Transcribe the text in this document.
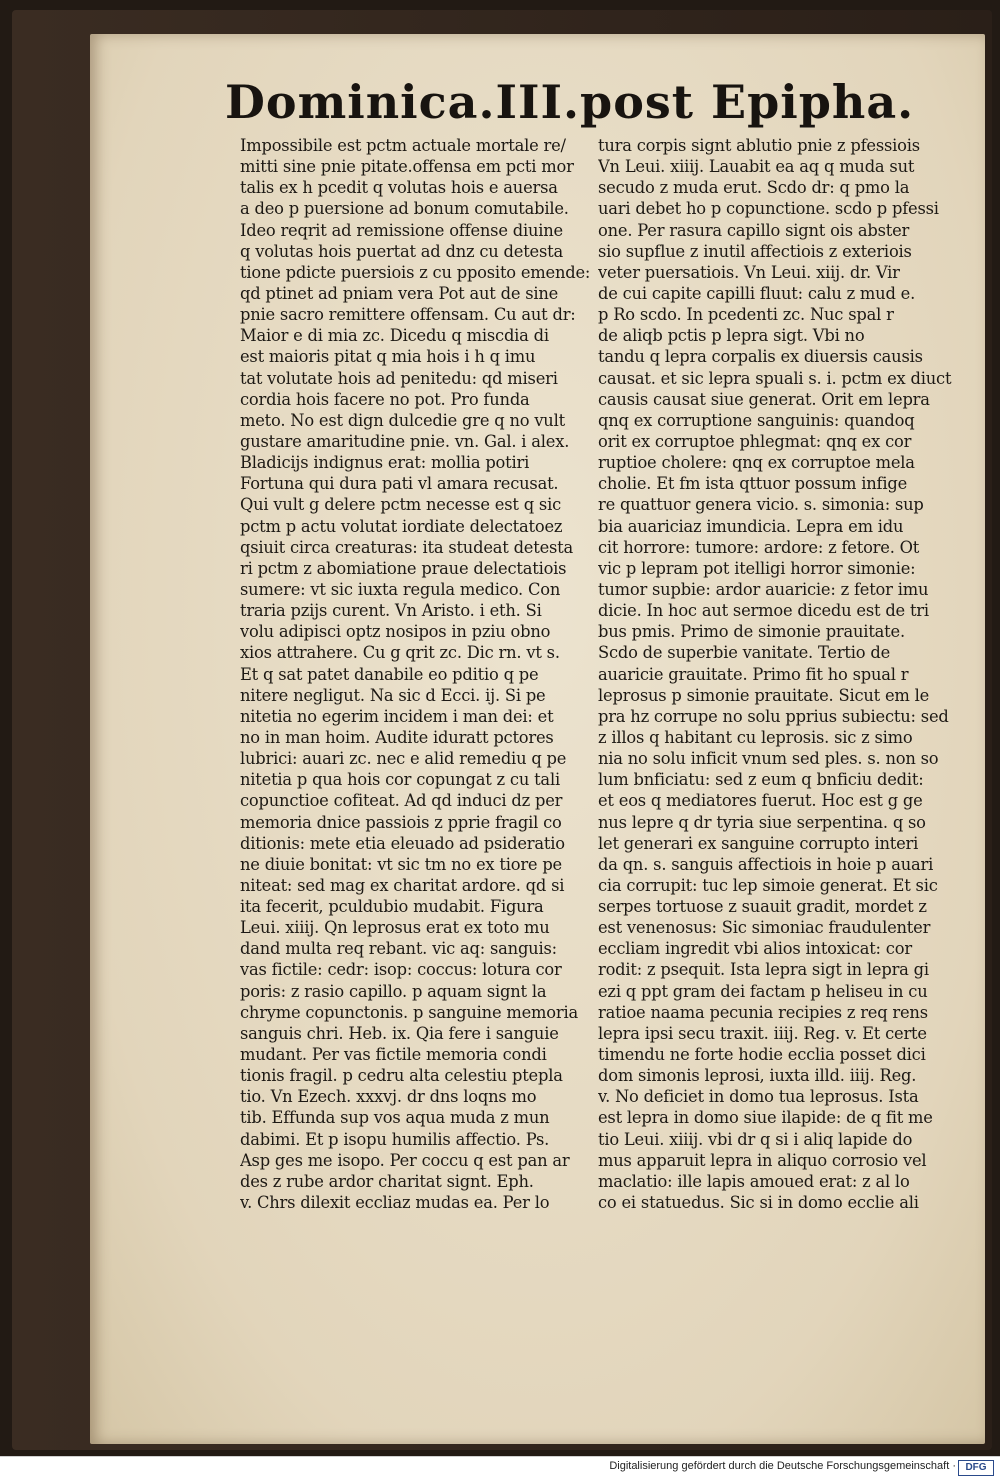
Dominica.III.post Epipha.
Impossibile est pctm actuale mortale re/
mitti sine pnie pitate.offensa em pcti mor
talis ex h pcedit q volutas hois e auersa
a deo p puersione ad bonum comutabile.
Ideo reqrit ad remissione offense diuine
q volutas hois puertat ad dnz cu detesta
tione pdicte puersiois z cu pposito emende:
qd ptinet ad pniam vera Pot aut de sine
pnie sacro remittere offensam. Cu aut dr:
Maior e di mia zc. Dicedu q miscdia di
est maioris pitat q mia hois i h q imu
tat volutate hois ad penitedu: qd miseri
cordia hois facere no pot. Pro funda
meto. No est dign dulcedie gre q no vult
gustare amaritudine pnie. vn. Gal. i alex.
Bladicijs indignus erat: mollia potiri
Fortuna qui dura pati vl amara recusat.
Qui vult g delere pctm necesse est q sic
pctm p actu volutat iordiate delectatoez
qsiuit circa creaturas: ita studeat detesta
ri pctm z abomiatione praue delectatiois
sumere: vt sic iuxta regula medico. Con
traria pzijs curent. Vn Aristo. i eth. Si
volu adipisci optz nosipos in pziu obno
xios attrahere. Cu g qrit zc. Dic rn. vt s.
Et q sat patet danabile eo pditio q pe
nitere negligut. Na sic d Ecci. ij. Si pe
nitetia no egerim incidem i man dei: et
no in man hoim. Audite iduratt pctores
lubrici: auari zc. nec e alid remediu q pe
nitetia p qua hois cor copungat z cu tali
copunctioe cofiteat. Ad qd induci dz per
memoria dnice passiois z pprie fragil co
ditionis: mete etia eleuado ad psideratio
ne diuie bonitat: vt sic tm no ex tiore pe
niteat: sed mag ex charitat ardore. qd si
ita fecerit, pculdubio mudabit. Figura
Leui. xiiij. Qn leprosus erat ex toto mu
dand multa req rebant. vic aq: sanguis:
vas fictile: cedr: isop: coccus: lotura cor
poris: z rasio capillo. p aquam signt la
chryme copunctonis. p sanguine memoria
sanguis chri. Heb. ix. Qia fere i sanguie
mudant. Per vas fictile memoria condi
tionis fragil. p cedru alta celestiu ptepla
tio. Vn Ezech. xxxvj. dr dns loqns mo
tib. Effunda sup vos aqua muda z mun
dabimi. Et p isopu humilis affectio. Ps.
Asp ges me isopo. Per coccu q est pan ar
des z rube ardor charitat signt. Eph.
v. Chrs dilexit eccliaz mudas ea. Per lo
tura corpis signt ablutio pnie z pfessiois
Vn Leui. xiiij. Lauabit ea aq q muda sut
secudo z muda erut. Scdo dr: q pmo la
uari debet ho p copunctione. scdo p pfessi
one. Per rasura capillo signt ois abster
sio supflue z inutil affectiois z exteriois
veter puersatiois. Vn Leui. xiij. dr. Vir
de cui capite capilli fluut: calu z mud e.
p Ro scdo. In pcedenti zc. Nuc spal r
de aliqb pctis p lepra sigt. Vbi no
tandu q lepra corpalis ex diuersis causis
causat. et sic lepra spuali s. i. pctm ex diuct
causis causat siue generat. Orit em lepra
qnq ex corruptione sanguinis: quandoq
orit ex corruptoe phlegmat: qnq ex cor
ruptioe cholere: qnq ex corruptoe mela
cholie. Et fm ista qttuor possum infige
re quattuor genera vicio. s. simonia: sup
bia auariciaz imundicia. Lepra em idu
cit horrore: tumore: ardore: z fetore. Ot
vic p lepram pot itelligi horror simonie:
tumor supbie: ardor auaricie: z fetor imu
dicie. In hoc aut sermoe dicedu est de tri
bus pmis. Primo de simonie prauitate.
Scdo de superbie vanitate. Tertio de
auaricie grauitate. Primo fit ho spual r
leprosus p simonie prauitate. Sicut em le
pra hz corrupe no solu pprius subiectu: sed
z illos q habitant cu leprosis. sic z simo
nia no solu inficit vnum sed ples. s. non so
lum bnficiatu: sed z eum q bnficiu dedit:
et eos q mediatores fuerut. Hoc est g ge
nus lepre q dr tyria siue serpentina. q so
let generari ex sanguine corrupto interi
da qn. s. sanguis affectiois in hoie p auari
cia corrupit: tuc lep simoie generat. Et sic
serpes tortuose z suauit gradit, mordet z
est venenosus: Sic simoniac fraudulenter
eccliam ingredit vbi alios intoxicat: cor
rodit: z psequit. Ista lepra sigt in lepra gi
ezi q ppt gram dei factam p heliseu in cu
ratioe naama pecunia recipies z req rens
lepra ipsi secu traxit. iiij. Reg. v. Et certe
timendu ne forte hodie ecclia posset dici
dom simonis leprosi, iuxta illd. iiij. Reg.
v. No deficiet in domo tua leprosus. Ista
est lepra in domo siue ilapide: de q fit me
tio Leui. xiiij. vbi dr q si i aliq lapide do
mus apparuit lepra in aliquo corrosio vel
maclatio: ille lapis amoued erat: z al lo
co ei statuedus. Sic si in domo ecclie ali
Digitalisierung gefördert durch die Deutsche Forschungsgemeinschaft · DFG
